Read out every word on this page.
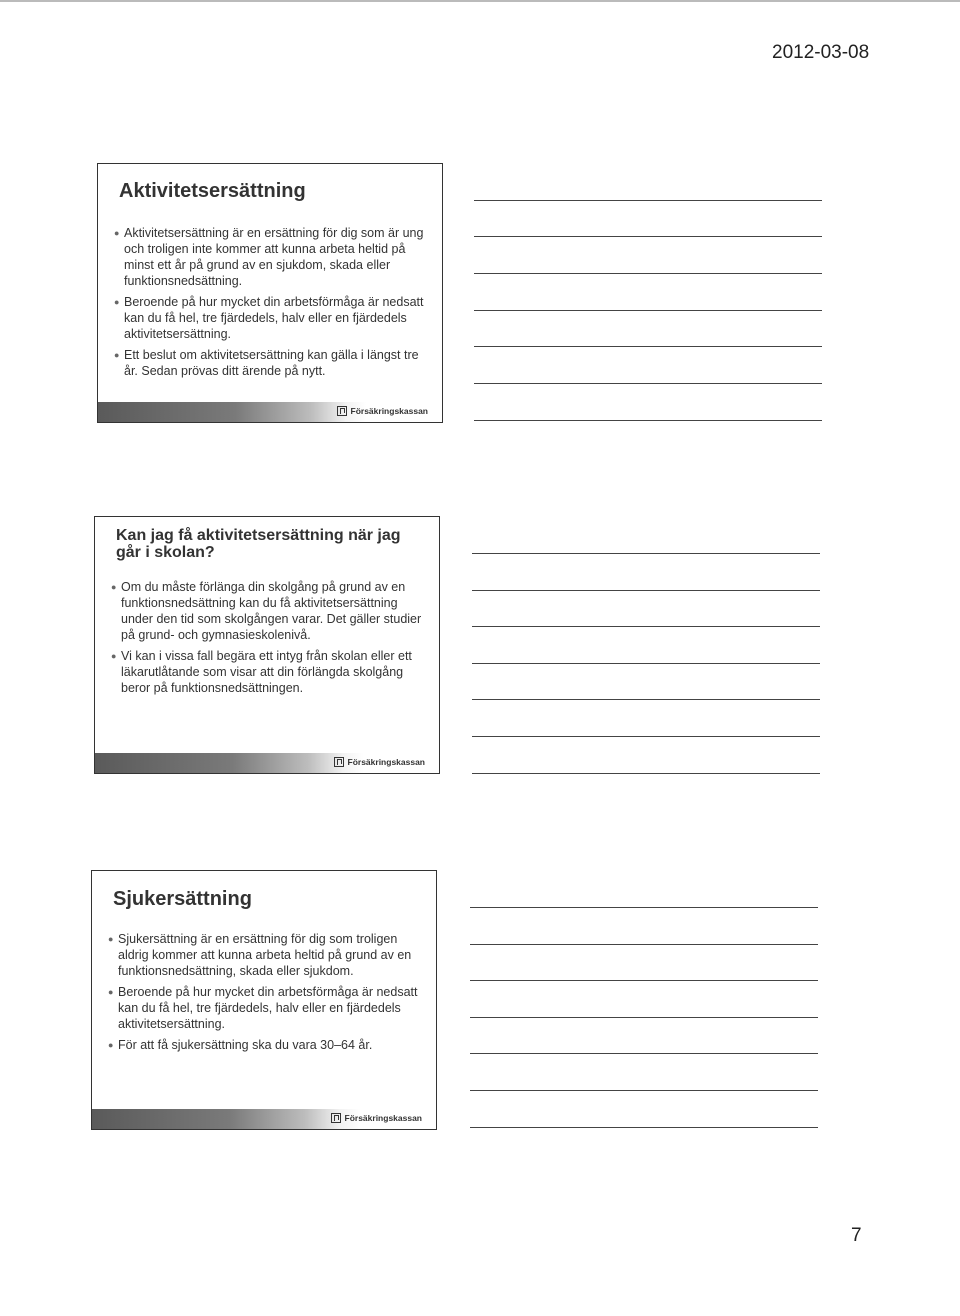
2012-03-08
Aktivitetsersättning
● Aktivitetsersättning är en ersättning för dig som är ung och troligen inte kommer att kunna arbeta heltid på minst ett år på grund av en sjukdom, skada eller funktionsnedsättning.
● Beroende på hur mycket din arbetsförmåga är nedsatt kan du få hel, tre fjärdedels, halv eller en fjärdedels aktivitetsersättning.
● Ett beslut om aktivitetsersättning kan gälla i längst tre år. Sedan prövas ditt ärende på nytt.
Försäkringskassan
Kan jag få aktivitetsersättning när jag går i skolan?
● Om du måste förlänga din skolgång på grund av en funktionsnedsättning kan du få aktivitetsersättning under den tid som skolgången varar. Det gäller studier på grund- och gymnasieskolenivå.
● Vi kan i vissa fall begära ett intyg från skolan eller ett läkarutlåtande som visar att din förlängda skolgång beror på funktionsnedsättningen.
Försäkringskassan
Sjukersättning
● Sjukersättning är en ersättning för dig som troligen aldrig kommer att kunna arbeta heltid på grund av en funktionsnedsättning, skada eller sjukdom.
● Beroende på hur mycket din arbetsförmåga är nedsatt kan du få hel, tre fjärdedels, halv eller en fjärdedels aktivitetsersättning.
● För att få sjukersättning ska du vara 30–64 år.
Försäkringskassan
7
